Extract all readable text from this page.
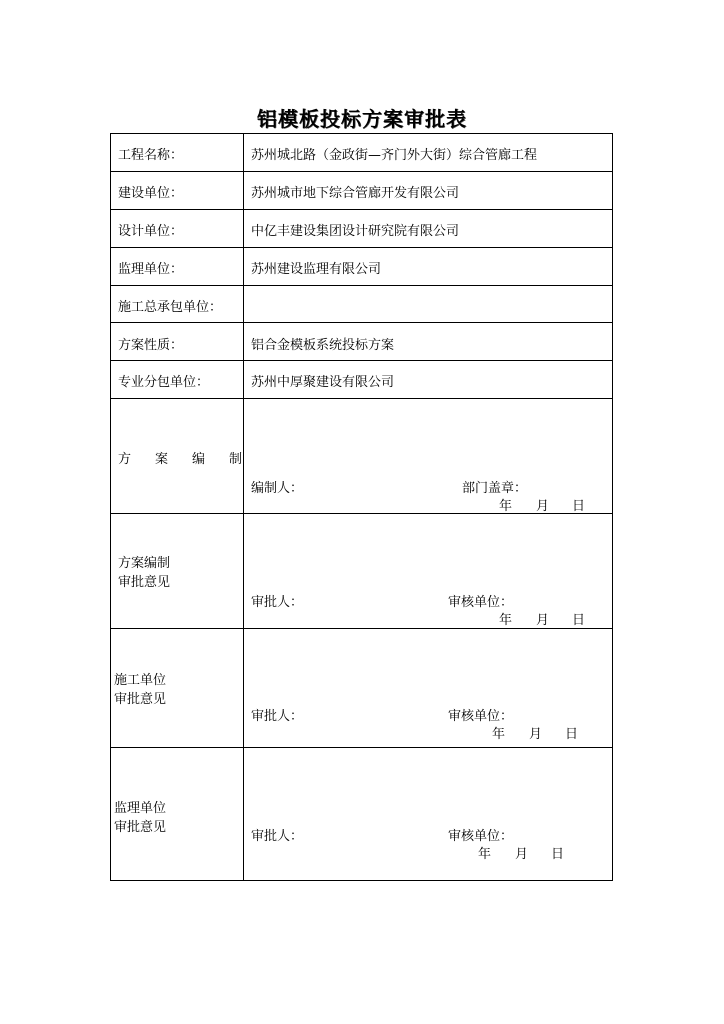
铝模板投标方案审批表
工程名称：	苏州城北路（金政街—齐门外大街）综合管廊工程
建设单位：	苏州城市地下综合管廊开发有限公司
设计单位：	中亿丰建设集团设计研究院有限公司
监理单位：	苏州建设监理有限公司
施工总承包单位：
方案性质：	铝合金模板系统投标方案
专业分包单位：	苏州中厚聚建设有限公司
方案编制
编制人：	部门盖章：
年 月 日
方案编制
审批意见
审批人：	审核单位：
年 月 日
施工单位
审批意见
审批人：	审核单位：
年 月 日
监理单位
审批意见
审批人：	审核单位：
年 月 日
